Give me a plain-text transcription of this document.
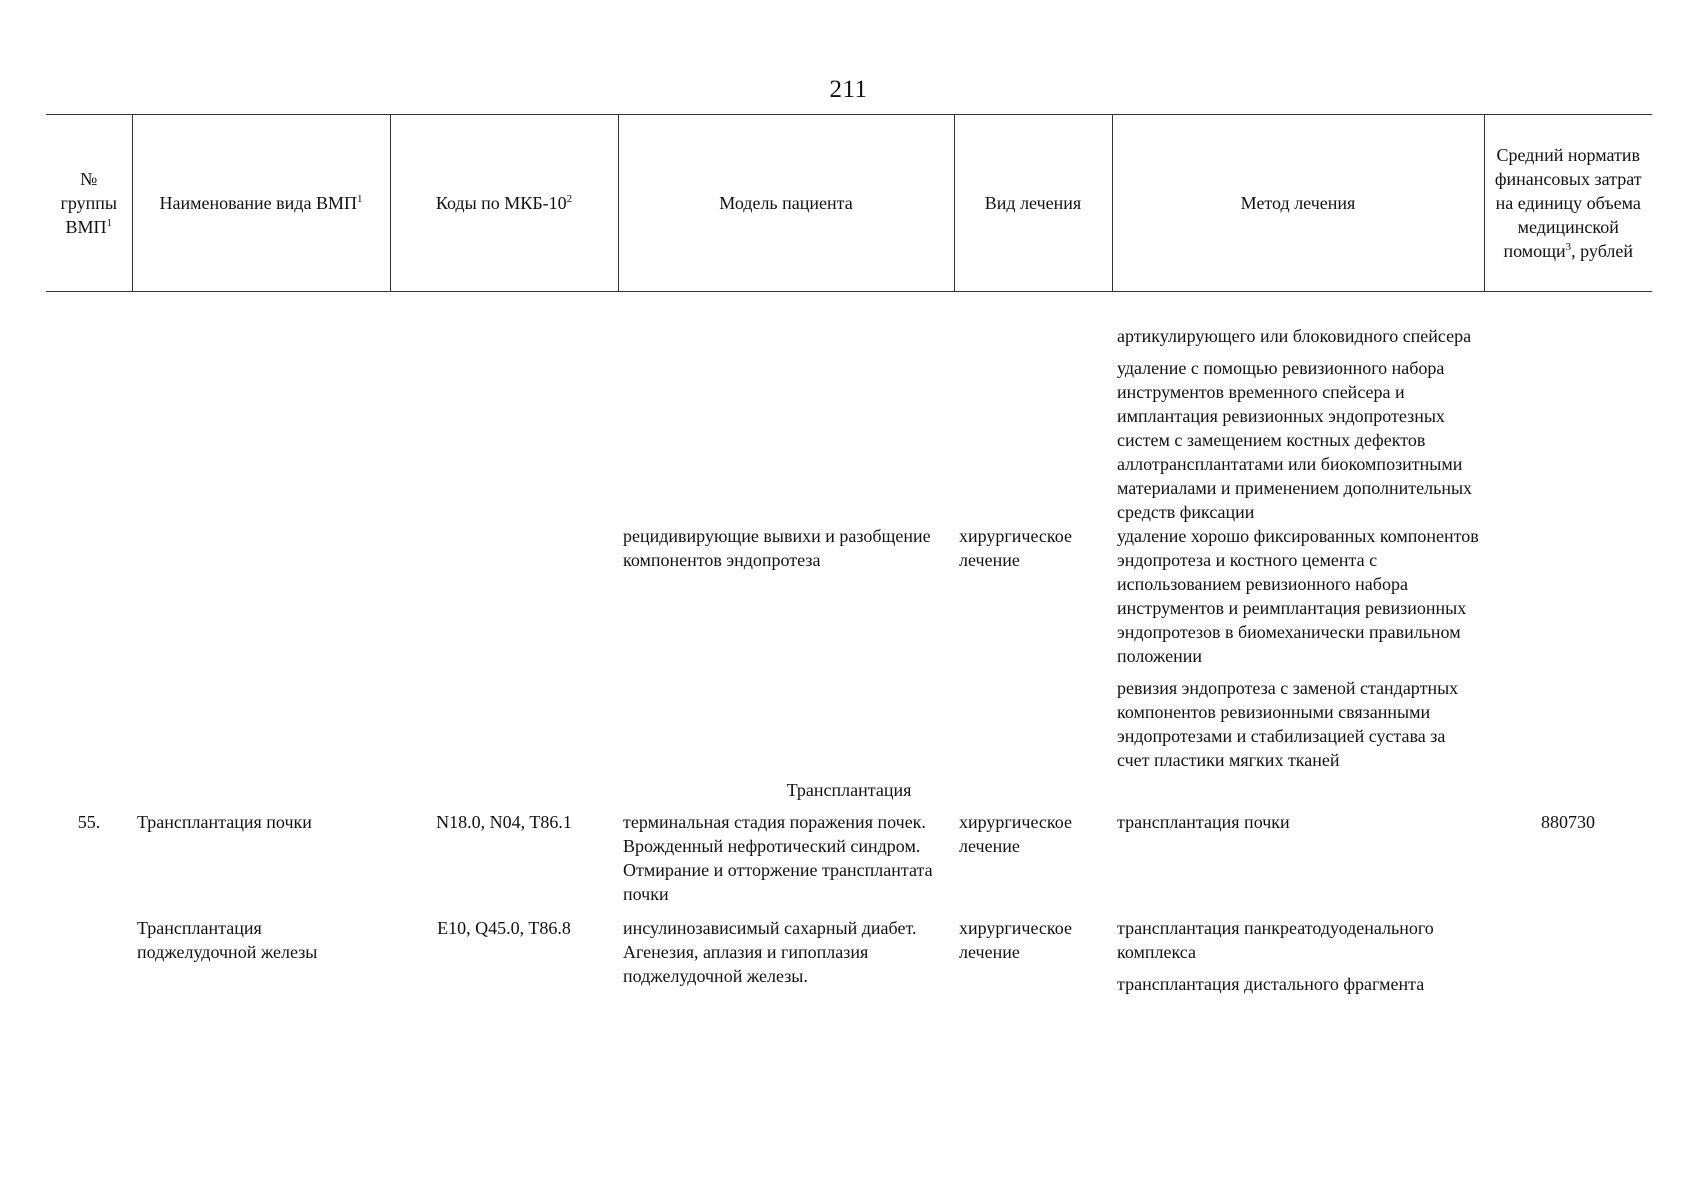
211
№ группы ВМП$^1$	Наименование вида ВМП$^1$	Коды по МКБ-$10^2$	Модель пациента	Вид лечения	Метод лечения	Средний норматив финансовых затрат на единицу объема медицинской помощи$^3$, рублей

					артикулирующего или блоковидного спейсера
удаление с помощью ревизионного набора инструментов временного спейсера и имплантация ревизионных эндопротезных систем с замещением костных дефектов аллотрансплантатами или биокомпозитными материалами и применением дополнительных средств фиксации	

			рецидивирующие вывихи и разобщение компонентов эндопротеза	хирургическое лечение	удаление хорошо фиксированных компонентов эндопротеза и костного цемента с использованием ревизионного набора инструментов и реимплантация ревизионных эндопротезов в биомеханически правильном положении
ревизия эндопротеза с заменой стандартных компонентов ревизионными связанными эндопротезами и стабилизацией сустава за счет пластики мягких тканей	

Трансплантация						
55.	Трансплантация почки	N18.0, N04, T86.1	терминальная стадия поражения почек. Врожденный нефротический синдром. Отмирание и отторжение трансплантата почки	хирургическое лечение	трансплантация почки	880730
	Трансплантация поджелудочной железы	E10, Q45.0, T86.8	инсулинозависимый сахарный диабет. Агенезия, аплазия и гипоплазия поджелудочной железы.	хирургическое лечение	трансплантация панкреатодуоденального комплекса
трансплантация дистального фрагмента	
